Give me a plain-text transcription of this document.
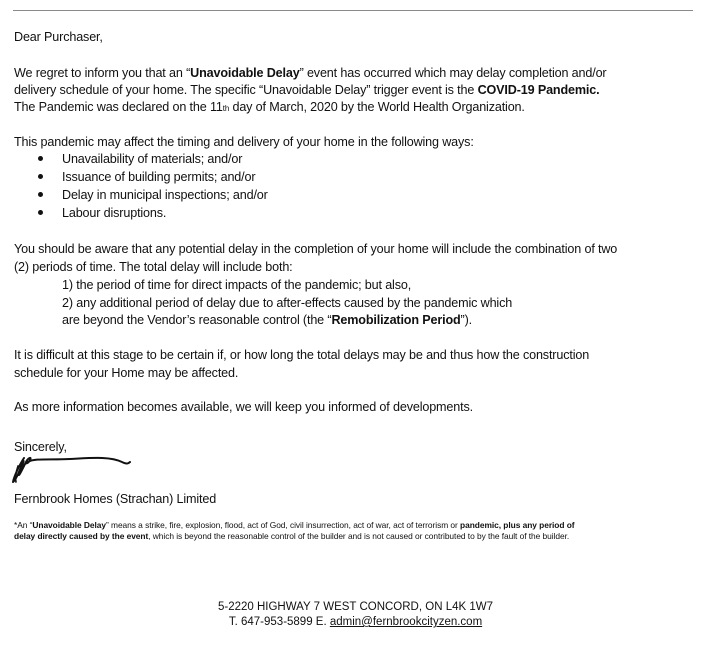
Dear Purchaser,
We regret to inform you that an “Unavoidable Delay” event has occurred which may delay completion and/or
delivery schedule of your home. The specific “Unavoidable Delay” trigger event is the COVID-19 Pandemic.
The Pandemic was declared on the 11th day of March, 2020 by the World Health Organization.
This pandemic may affect the timing and delivery of your home in the following ways:
Unavailability of materials; and/or
Issuance of building permits; and/or
Delay in municipal inspections; and/or
Labour disruptions.
You should be aware that any potential delay in the completion of your home will include the combination of two
(2) periods of time. The total delay will include both:
1) the period of time for direct impacts of the pandemic; but also,
2) any additional period of delay due to after-effects caused by the pandemic which
are beyond the Vendor’s reasonable control (the “Remobilization Period”).
It is difficult at this stage to be certain if, or how long the total delays may be and thus how the construction
schedule for your Home may be affected.
As more information becomes available, we will keep you informed of developments.
Sincerely,
Fernbrook Homes (Strachan) Limited
*An “Unavoidable Delay” means a strike, fire, explosion, flood, act of God, civil insurrection, act of war, act of terrorism or pandemic, plus any period of
delay directly caused by the event, which is beyond the reasonable control of the builder and is not caused or contributed to by the fault of the builder.
5-2220 HIGHWAY 7 WEST CONCORD, ON L4K 1W7
T. 647-953-5899 E. admin@fernbrookcityzen.com
